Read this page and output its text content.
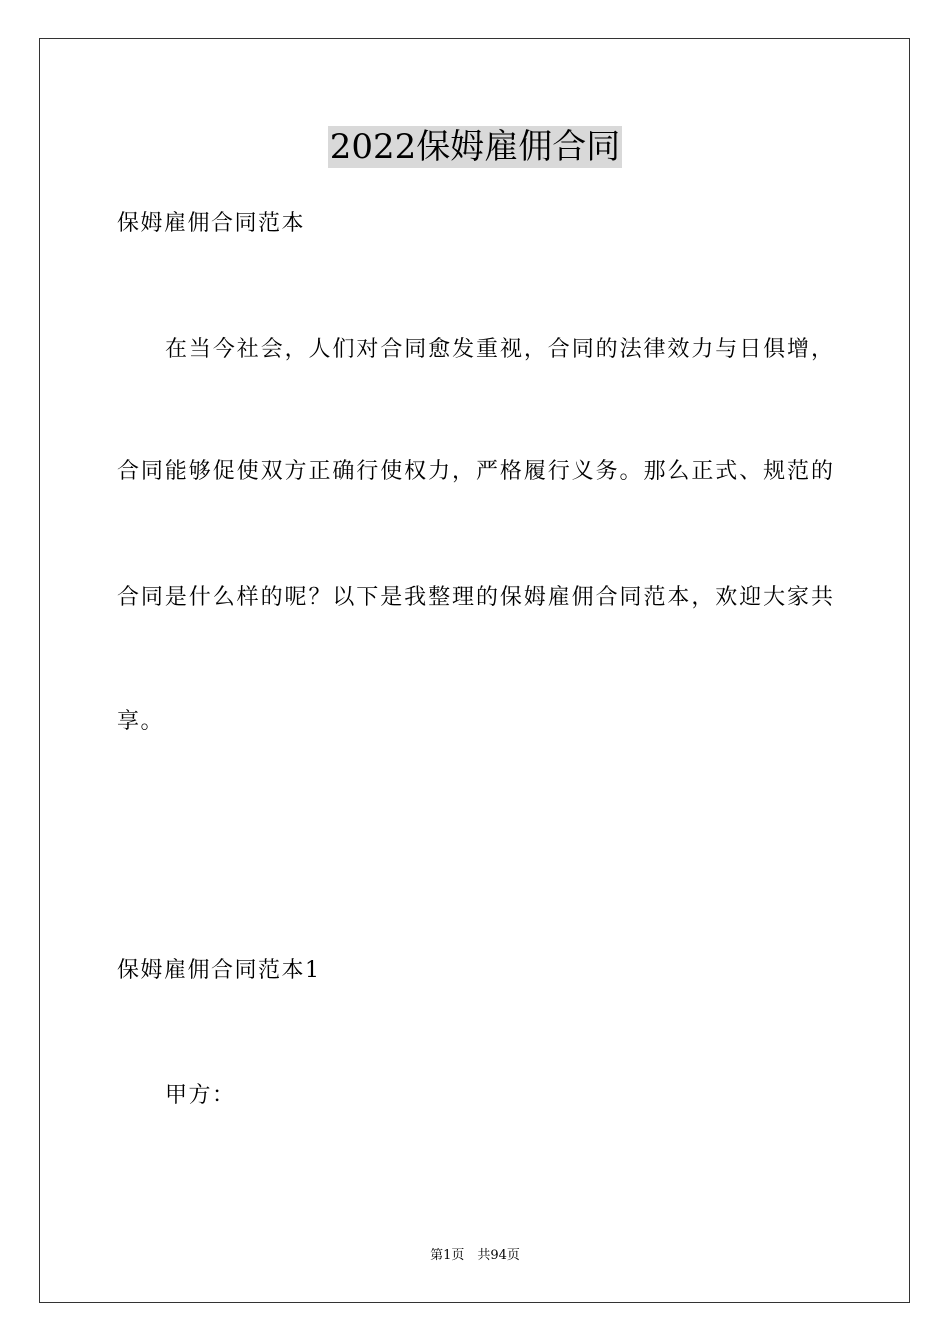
2022保姆雇佣合同
保姆雇佣合同范本
在当今社会，人们对合同愈发重视，合同的法律效力与日俱增，
合同能够促使双方正确行使权力，严格履行义务。那么正式、规范的
合同是什么样的呢？以下是我整理的保姆雇佣合同范本，欢迎大家共
享。
保姆雇佣合同范本1
甲方：
第1页　共94页
